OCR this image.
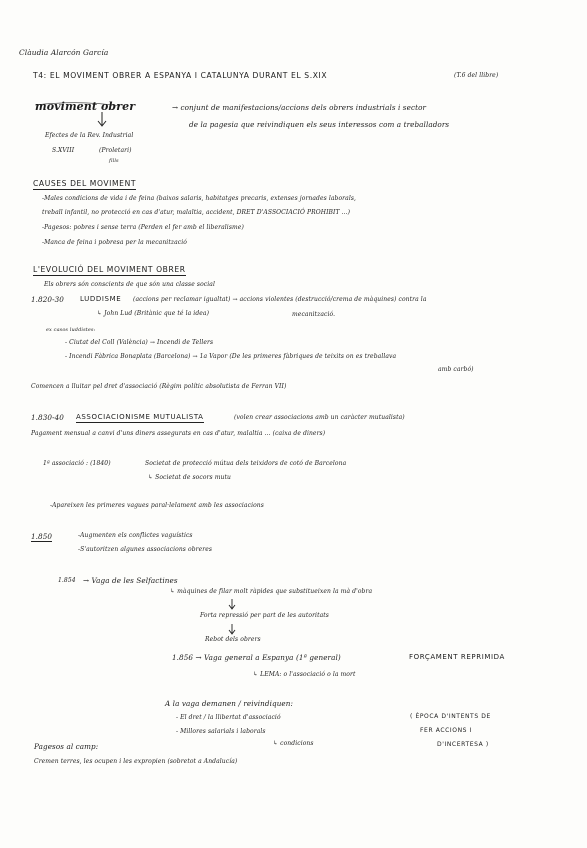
Clàudia Alarcón García
T4: EL MOVIMENT OBRER A ESPANYA I CATALUNYA DURANT EL S.XIX	(T.6 del llibre)
moviment obrer	→ conjunt de manifestacions/accions dels obrers industrials i sector
de la pagesia que reivindiquen els seus interessos com a treballadors
Efectes de la Rev. Industrial
S.XVIII	(Proletari)
fills
CAUSES DEL MOVIMENT
-Males condicions de vida i de feina (baixos salaris, habitatges precaris, extenses jornades laborals,
treball infantil, no protecció en cas d'atur, malaltia, accident, DRET D'ASSOCIACIÓ PROHIBIT ...)
-Pagesos: pobres i sense terra (Perden el fer amb el liberalisme)
-Manca de feina i pobresa per la mecanització
L'EVOLUCIÓ DEL MOVIMENT OBRER
Els obrers són conscients de que són una classe social
1.820-30 LUDDISME (accions per reclamar igualtat) → accions violentes (destrucció/crema de màquines) contra la
↳ John Lud (Britànic que té la idea)	mecanització.
ex casos luddistes:
- Ciutat del Coll (València) → Incendi de Tellers
- Incendi Fàbrica Bonaplata (Barcelona) → 1a Vapor (De les primeres fàbriques de teixits on es treballava
amb carbó)
Comencen a lluitar pel dret d'associació (Règim polític absolutista de Ferran VII)
1.830-40 ASSOCIACIONISME MUTUALISTA	(volen crear associacions amb un caràcter mutualista)
Pagament mensual a canvi d'uns diners assegurats en cas d'atur, malaltia ... (caixa de diners)
1ª associació : (1840)	Societat de protecció mútua dels teixidors de cotó de Barcelona
↳ Societat de socors mutu
-Apareixen les primeres vagues paral·lelament amb les associacions
1.850	-Augmenten els conflictes vaguístics
-S'autoritzen algunes associacions obreres
1.854 → Vaga de les Selfactines
↳ màquines de filar molt ràpides que substitueixen la mà d'obra
Forta repressió per part de les autoritats
Rebot dels obrers
1.856 → Vaga general a Espanya (1ª general)	FORÇAMENT REPRIMIDA
↳ LEMA: o l'associació o la mort
A la vaga demanen / reivindiquen:
- El dret / la llibertat d'associació
- Millores salarials i laborals
↳ condicions
( ÈPOCA D'INTENTS DE
FER ACCIONS I
D'INCERTESA )
Pagesos al camp:
Cremen terres, les ocupen i les expropien (sobretot a Andalucía)
